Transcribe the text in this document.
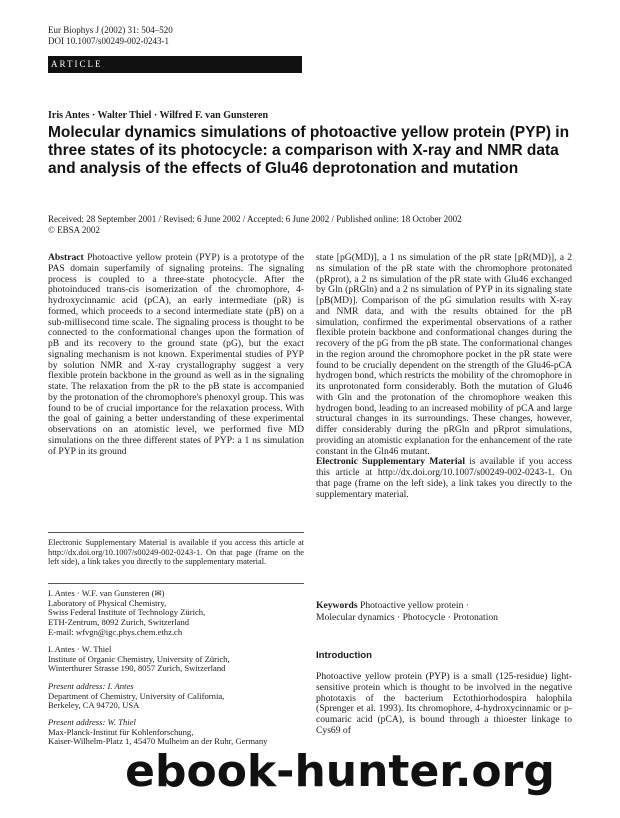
Eur Biophys J (2002) 31: 504–520
DOI 10.1007/s00249-002-0243-1
ARTICLE
Iris Antes · Walter Thiel · Wilfred F. van Gunsteren
Molecular dynamics simulations of photoactive yellow protein (PYP) in three states of its photocycle: a comparison with X-ray and NMR data and analysis of the effects of Glu46 deprotonation and mutation
Received: 28 September 2001 / Revised: 6 June 2002 / Accepted: 6 June 2002 / Published online: 18 October 2002
© EBSA 2002
Abstract Photoactive yellow protein (PYP) is a prototype of the PAS domain superfamily of signaling proteins. The signaling process is coupled to a three-state photocycle. After the photoinduced trans-cis isomerization of the chromophore, 4-hydroxycinnamic acid (pCA), an early intermediate (pR) is formed, which proceeds to a second intermediate state (pB) on a sub-millisecond time scale. The signaling process is thought to be connected to the conformational changes upon the formation of pB and its recovery to the ground state (pG), but the exact signaling mechanism is not known. Experimental studies of PYP by solution NMR and X-ray crystallography suggest a very flexible protein backbone in the ground as well as in the signaling state. The relaxation from the pR to the pB state is accompanied by the protonation of the chromophore's phenoxyl group. This was found to be of crucial importance for the relaxation process. With the goal of gaining a better understanding of these experimental observations on an atomistic level, we performed five MD simulations on the three different states of PYP: a 1 ns simulation of PYP in its ground
state [pG(MD)], a 1 ns simulation of the pR state [pR(MD)], a 2 ns simulation of the pR state with the chromophore protonated (pRprot), a 2 ns simulation of the pR state with Glu46 exchanged by Gln (pRGln) and a 2 ns simulation of PYP in its signaling state [pB(MD)]. Comparison of the pG simulation results with X-ray and NMR data, and with the results obtained for the pB simulation, confirmed the experimental observations of a rather flexible protein backbone and conformational changes during the recovery of the pG from the pB state. The conformational changes in the region around the chromophore pocket in the pR state were found to be crucially dependent on the strength of the Glu46-pCA hydrogen bond, which restricts the mobility of the chromophore in its unprotonated form considerably. Both the mutation of Glu46 with Gln and the protonation of the chromophore weaken this hydrogen bond, leading to an increased mobility of pCA and large structural changes in its surroundings. These changes, however, differ considerably during the pRGln and pRprot simulations, providing an atomistic explanation for the enhancement of the rate constant in the Gln46 mutant.
Electronic Supplementary Material is available if you access this article at http://dx.doi.org/10.1007/s00249-002-0243-1. On that page (frame on the left side), a link takes you directly to the supplementary material.
Electronic Supplementary Material is available if you access this article at http://dx.doi.org/10.1007/s00249-002-0243-1. On that page (frame on the left side), a link takes you directly to the supplementary material.
I. Antes · W.F. van Gunsteren (✉)
Laboratory of Physical Chemistry,
Swiss Federal Institute of Technology Zürich,
ETH-Zentrum, 8092 Zurich, Switzerland
E-mail: wfvgn@igc.phys.chem.ethz.ch
I. Antes · W. Thiel
Institute of Organic Chemistry, University of Zürich,
Winterthurer Strasse 190, 8057 Zurich, Switzerland
Present address: I. Antes
Department of Chemistry, University of California,
Berkeley, CA 94720, USA
Present address: W. Thiel
Max-Planck-Institut für Kohlenforschung,
Kaiser-Wilhelm-Platz 1, 45470 Mulheim an der Ruhr, Germany
Keywords Photoactive yellow protein ·
Molecular dynamics · Photocycle · Protonation
Introduction
Photoactive yellow protein (PYP) is a small (125-residue) light-sensitive protein which is thought to be involved in the negative phototaxis of the bacterium Ectothiorhodospira halophila (Sprenger et al. 1993). Its chromophore, 4-hydroxycinnamic or p-coumaric acid (pCA), is bound through a thioester linkage to Cys69 of
ebook-hunter.org
